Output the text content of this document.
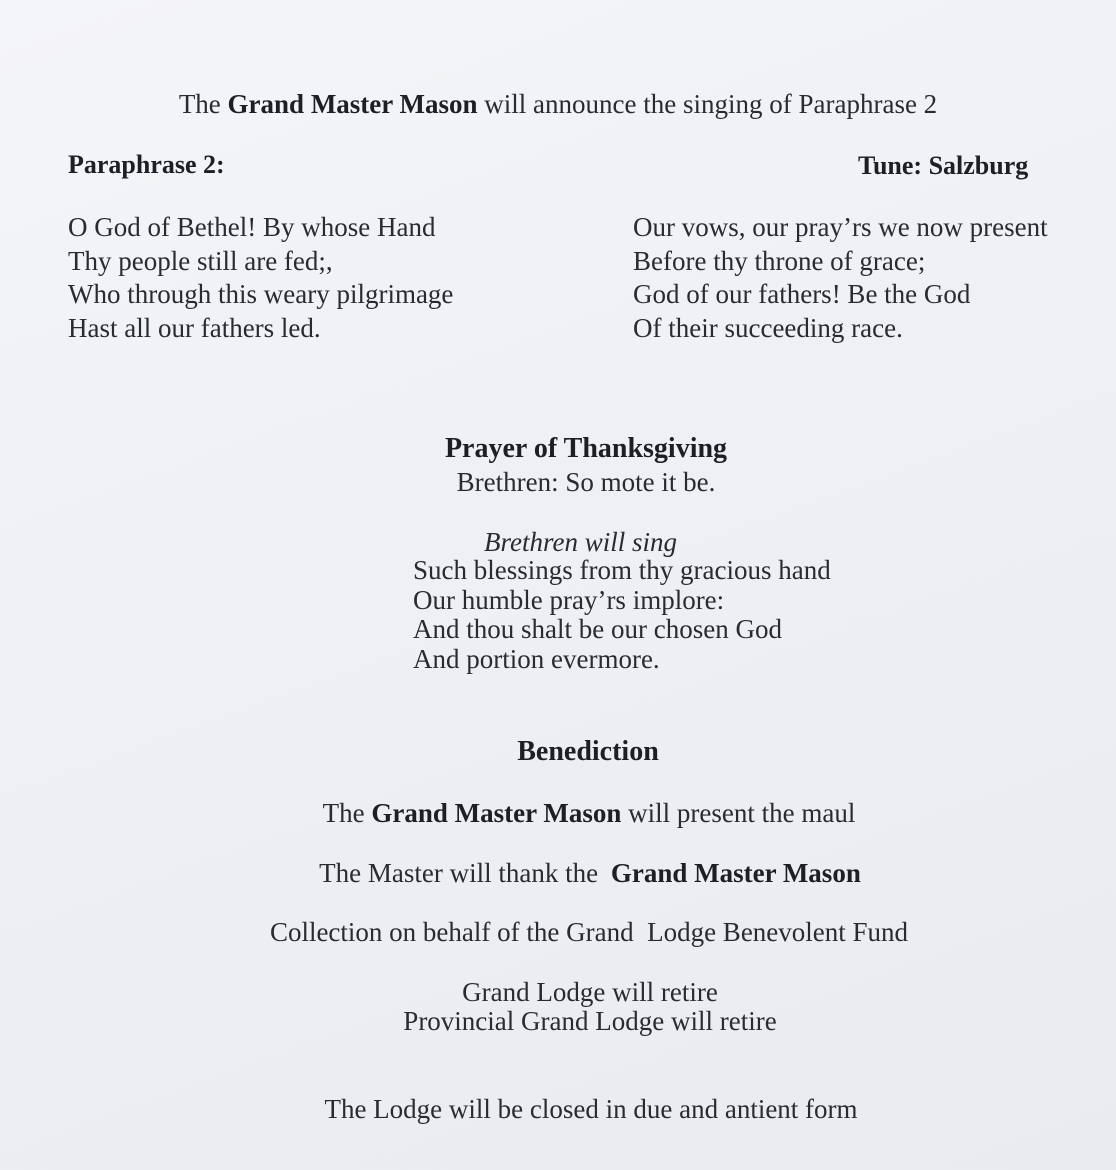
The Grand Master Mason will announce the singing of Paraphrase 2
Paraphrase 2:	Tune: Salzburg
O God of Bethel! By whose Hand
Thy people still are fed;,
Who through this weary pilgrimage
Hast all our fathers led.
Our vows, our pray’rs we now present
Before thy throne of grace;
God of our fathers! Be the God
Of their succeeding race.
Prayer of Thanksgiving
Brethren: So mote it be.
Brethren will sing
Such blessings from thy gracious hand
Our humble pray’rs implore:
And thou shalt be our chosen God
And portion evermore.
Benediction
The Grand Master Mason will present the maul
The Master will thank the Grand Master Mason
Collection on behalf of the Grand  Lodge Benevolent Fund
Grand Lodge will retire
Provincial Grand Lodge will retire
The Lodge will be closed in due and antient form
